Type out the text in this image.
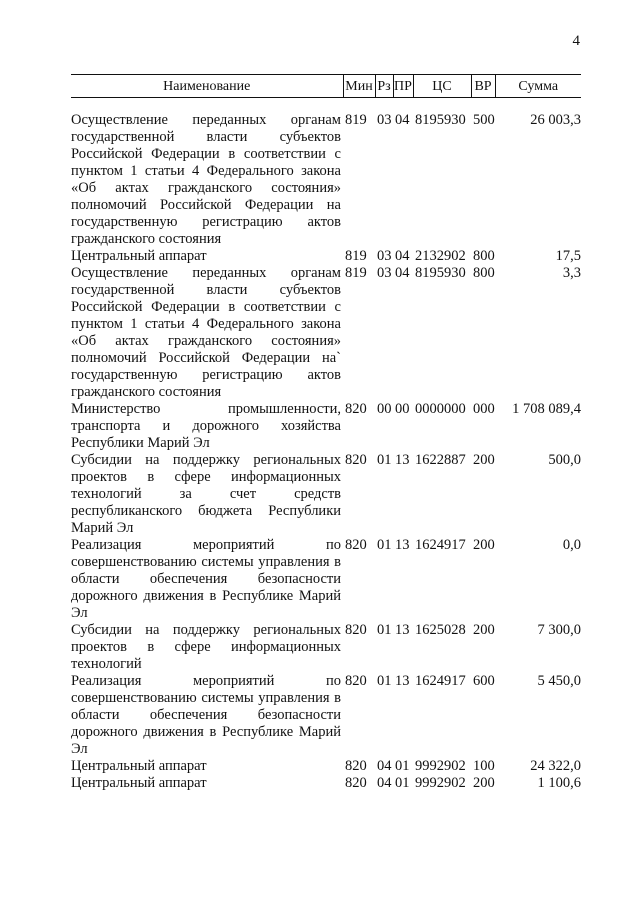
4
Наименование	Мин	Рз	ПР	ЦС	ВР	Сумма

Осуществление переданных органам государственной власти субъектов Российской Федерации в соответствии с пунктом 1 статьи 4 Федерального закона «Об актах гражданского состояния» полномочий Российской Федерации на государственную регистрацию актов гражданского состояния	819	03	04	8195930	500	26 003,3
Центральный аппарат	819	03	04	2132902	800	17,5
Осуществление переданных органам государственной власти субъектов Российской Федерации в соответствии с пунктом 1 статьи 4 Федерального закона «Об актах гражданского состояния» полномочий Российской Федерации на` государственную регистрацию актов гражданского состояния	819	03	04	8195930	800	3,3
Министерство промышленности, транспорта и дорожного хозяйства Республики Марий Эл	820	00	00	0000000	000	1 708 089,4
Субсидии на поддержку региональных проектов в сфере информационных технологий за счет средств республиканского бюджета Республики Марий Эл	820	01	13	1622887	200	500,0
Реализация мероприятий по совершенствованию системы управления в области обеспечения безопасности дорожного движения в Республике Марий Эл	820	01	13	1624917	200	0,0
Субсидии на поддержку региональных проектов в сфере информационных технологий	820	01	13	1625028	200	7 300,0
Реализация мероприятий по совершенствованию системы управления в области обеспечения безопасности дорожного движения в Республике Марий Эл	820	01	13	1624917	600	5 450,0
Центральный аппарат	820	04	01	9992902	100	24 322,0
Центральный аппарат	820	04	01	9992902	200	1 100,6
